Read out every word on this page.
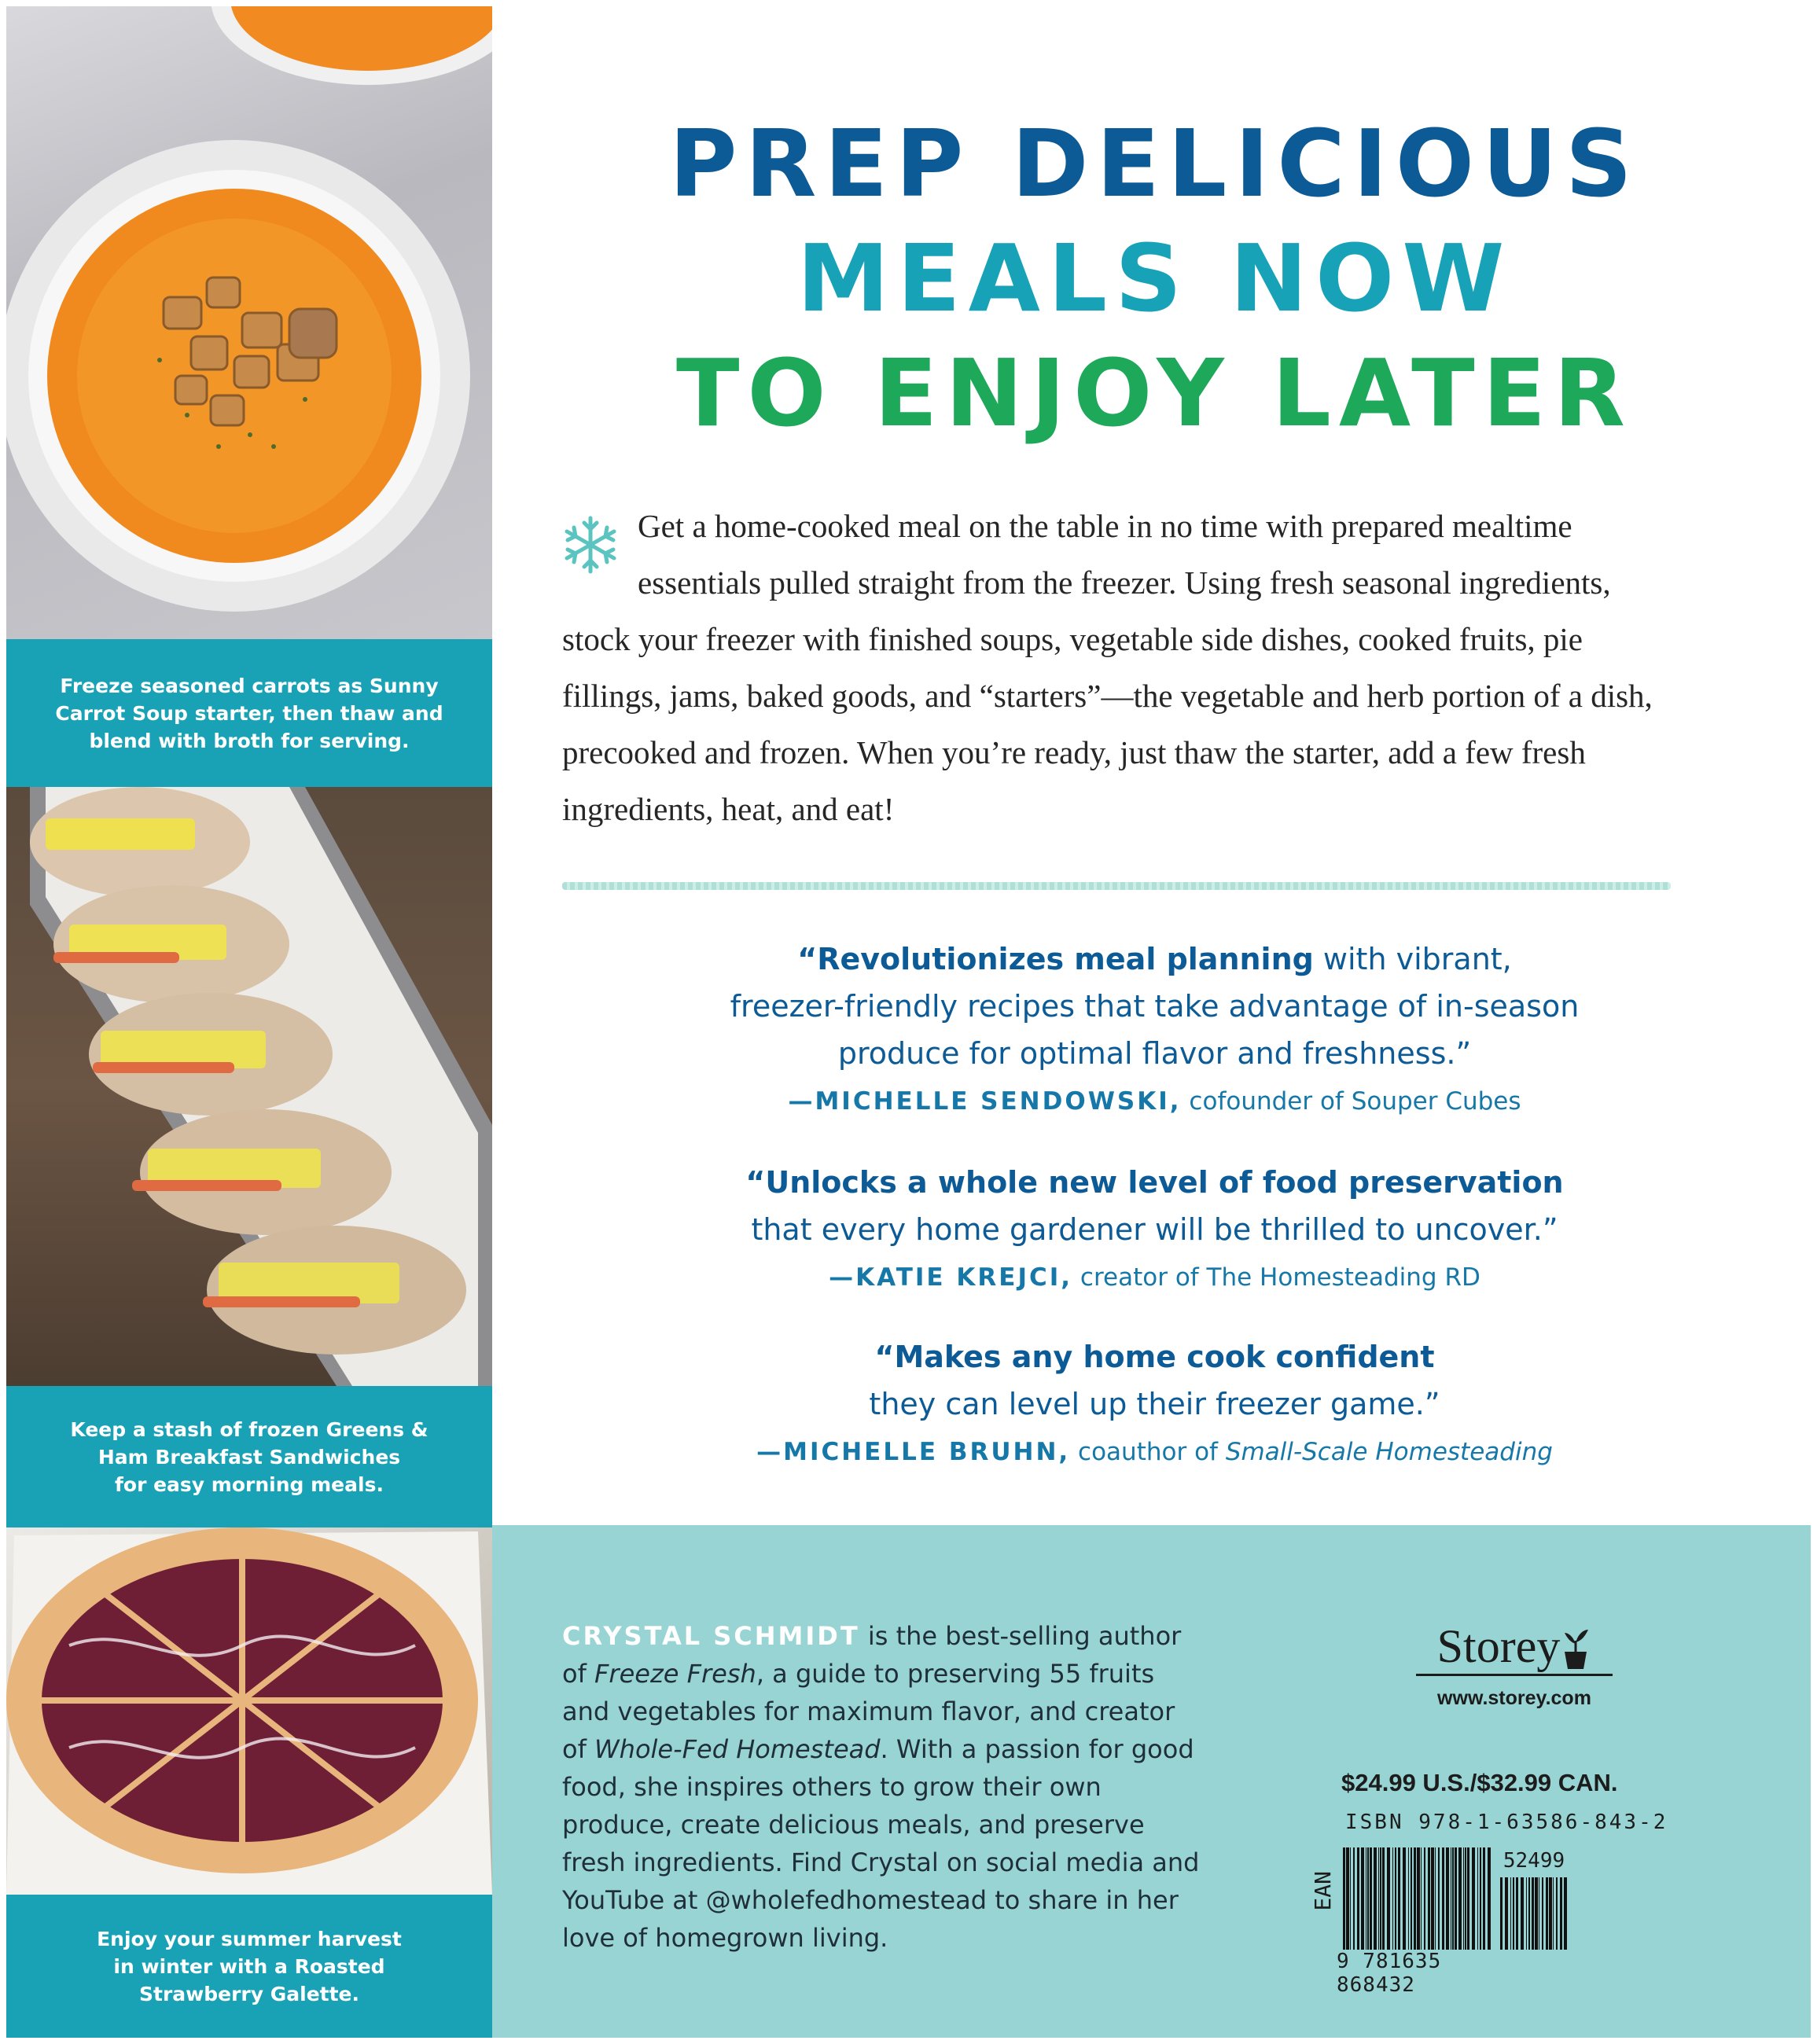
Freeze seasoned carrots as Sunny
Carrot Soup starter, then thaw and
blend with broth for serving.
Keep a stash of frozen Greens &
Ham Breakfast Sandwiches
for easy morning meals.
Enjoy your summer harvest
in winter with a Roasted
Strawberry Galette.
PREP DELICIOUS
MEALS NOW
TO ENJOY LATER
Get a home-cooked meal on the table in no time with prepared mealtime essentials pulled straight from the freezer. Using fresh seasonal ingredients, stock your freezer with finished soups, vegetable side dishes, cooked fruits, pie fillings, jams, baked goods, and “starters”—the vegetable and herb portion of a dish, precooked and frozen. When you’re ready, just thaw the starter, add a few fresh ingredients, heat, and eat!
“Revolutionizes meal planning with vibrant,
freezer-friendly recipes that take advantage of in-season
produce for optimal flavor and freshness.”
—MICHELLE SENDOWSKI, cofounder of Souper Cubes
“Unlocks a whole new level of food preservation
that every home gardener will be thrilled to uncover.”
—KATIE KREJCI, creator of The Homesteading RD
“Makes any home cook confident
they can level up their freezer game.”
—MICHELLE BRUHN, coauthor of Small-Scale Homesteading
CRYSTAL SCHMIDT is the best-selling author of Freeze Fresh, a guide to preserving 55 fruits and vegetables for maximum flavor, and creator of Whole-Fed Homestead. With a passion for good food, she inspires others to grow their own produce, create delicious meals, and preserve fresh ingredients. Find Crystal on social media and YouTube at @wholefedhomestead to share in her love of homegrown living.
Storey
www.storey.com
$24.99 U.S./$32.99 CAN.
ISBN 978-1-63586-843-2
EAN
52499
9 781635 868432
